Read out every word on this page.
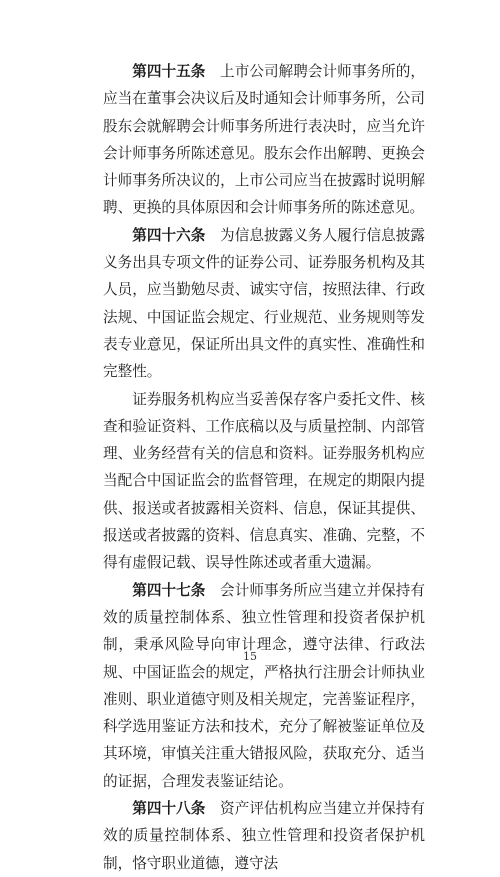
第四十五条　上市公司解聘会计师事务所的，应当在董事会决议后及时通知会计师事务所，公司股东会就解聘会计师事务所进行表决时，应当允许会计师事务所陈述意见。股东会作出解聘、更换会计师事务所决议的，上市公司应当在披露时说明解聘、更换的具体原因和会计师事务所的陈述意见。

第四十六条　为信息披露义务人履行信息披露义务出具专项文件的证券公司、证券服务机构及其人员，应当勤勉尽责、诚实守信，按照法律、行政法规、中国证监会规定、行业规范、业务规则等发表专业意见，保证所出具文件的真实性、准确性和完整性。

证券服务机构应当妥善保存客户委托文件、核查和验证资料、工作底稿以及与质量控制、内部管理、业务经营有关的信息和资料。证券服务机构应当配合中国证监会的监督管理，在规定的期限内提供、报送或者披露相关资料、信息，保证其提供、报送或者披露的资料、信息真实、准确、完整，不得有虚假记载、误导性陈述或者重大遗漏。

第四十七条　会计师事务所应当建立并保持有效的质量控制体系、独立性管理和投资者保护机制，秉承风险导向审计理念，遵守法律、行政法规、中国证监会的规定，严格执行注册会计师执业准则、职业道德守则及相关规定，完善鉴证程序，科学选用鉴证方法和技术，充分了解被鉴证单位及其环境，审慎关注重大错报风险，获取充分、适当的证据，合理发表鉴证结论。

第四十八条　资产评估机构应当建立并保持有效的质量控制体系、独立性管理和投资者保护机制，恪守职业道德，遵守法

15
